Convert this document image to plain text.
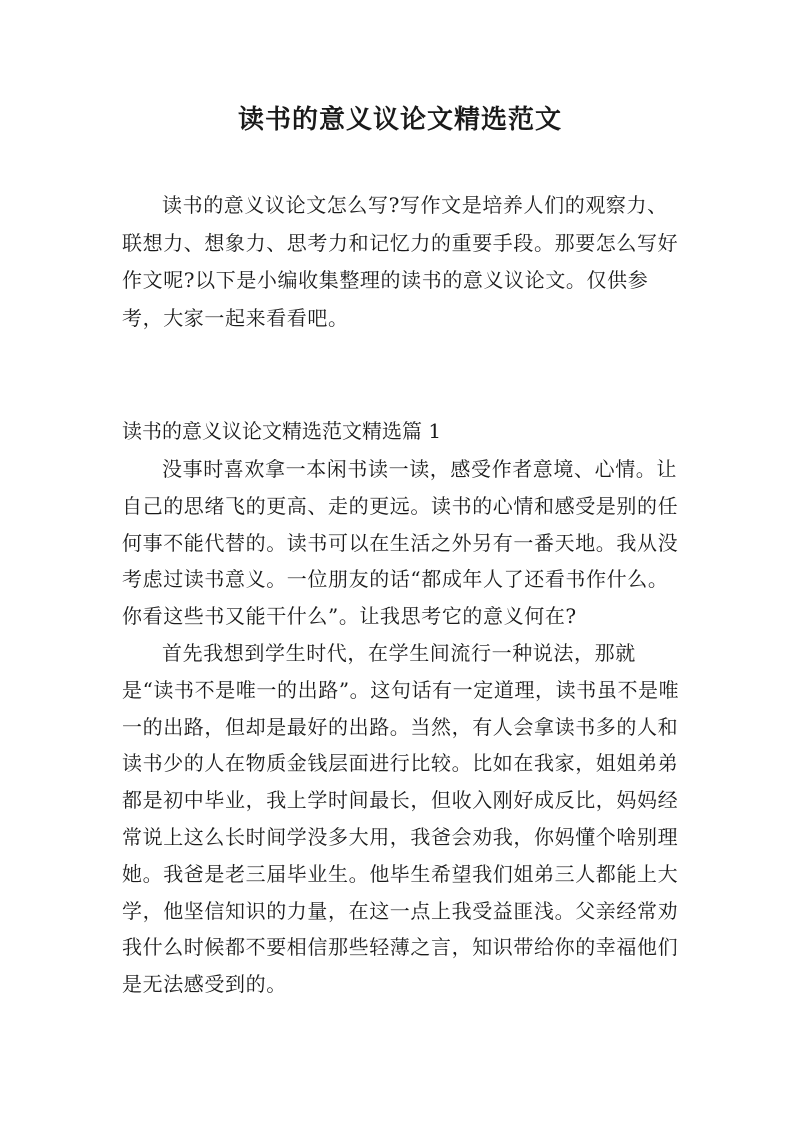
读书的意义议论文精选范文

读书的意义议论文怎么写?写作文是培养人们的观察力、联想力、想象力、思考力和记忆力的重要手段。那要怎么写好作文呢?以下是小编收集整理的读书的意义议论文。仅供参考，大家一起来看看吧。

读书的意义议论文精选范文精选篇 1

没事时喜欢拿一本闲书读一读，感受作者意境、心情。让自己的思绪飞的更高、走的更远。读书的心情和感受是别的任何事不能代替的。读书可以在生活之外另有一番天地。我从没考虑过读书意义。一位朋友的话“都成年人了还看书作什么。你看这些书又能干什么”。让我思考它的意义何在?

首先我想到学生时代，在学生间流行一种说法，那就是“读书不是唯一的出路”。这句话有一定道理，读书虽不是唯一的出路，但却是最好的出路。当然，有人会拿读书多的人和读书少的人在物质金钱层面进行比较。比如在我家，姐姐弟弟都是初中毕业，我上学时间最长，但收入刚好成反比，妈妈经常说上这么长时间学没多大用，我爸会劝我，你妈懂个啥别理她。我爸是老三届毕业生。他毕生希望我们姐弟三人都能上大学，他坚信知识的力量，在这一点上我受益匪浅。父亲经常劝我什么时候都不要相信那些轻薄之言，知识带给你的幸福他们是无法感受到的。
